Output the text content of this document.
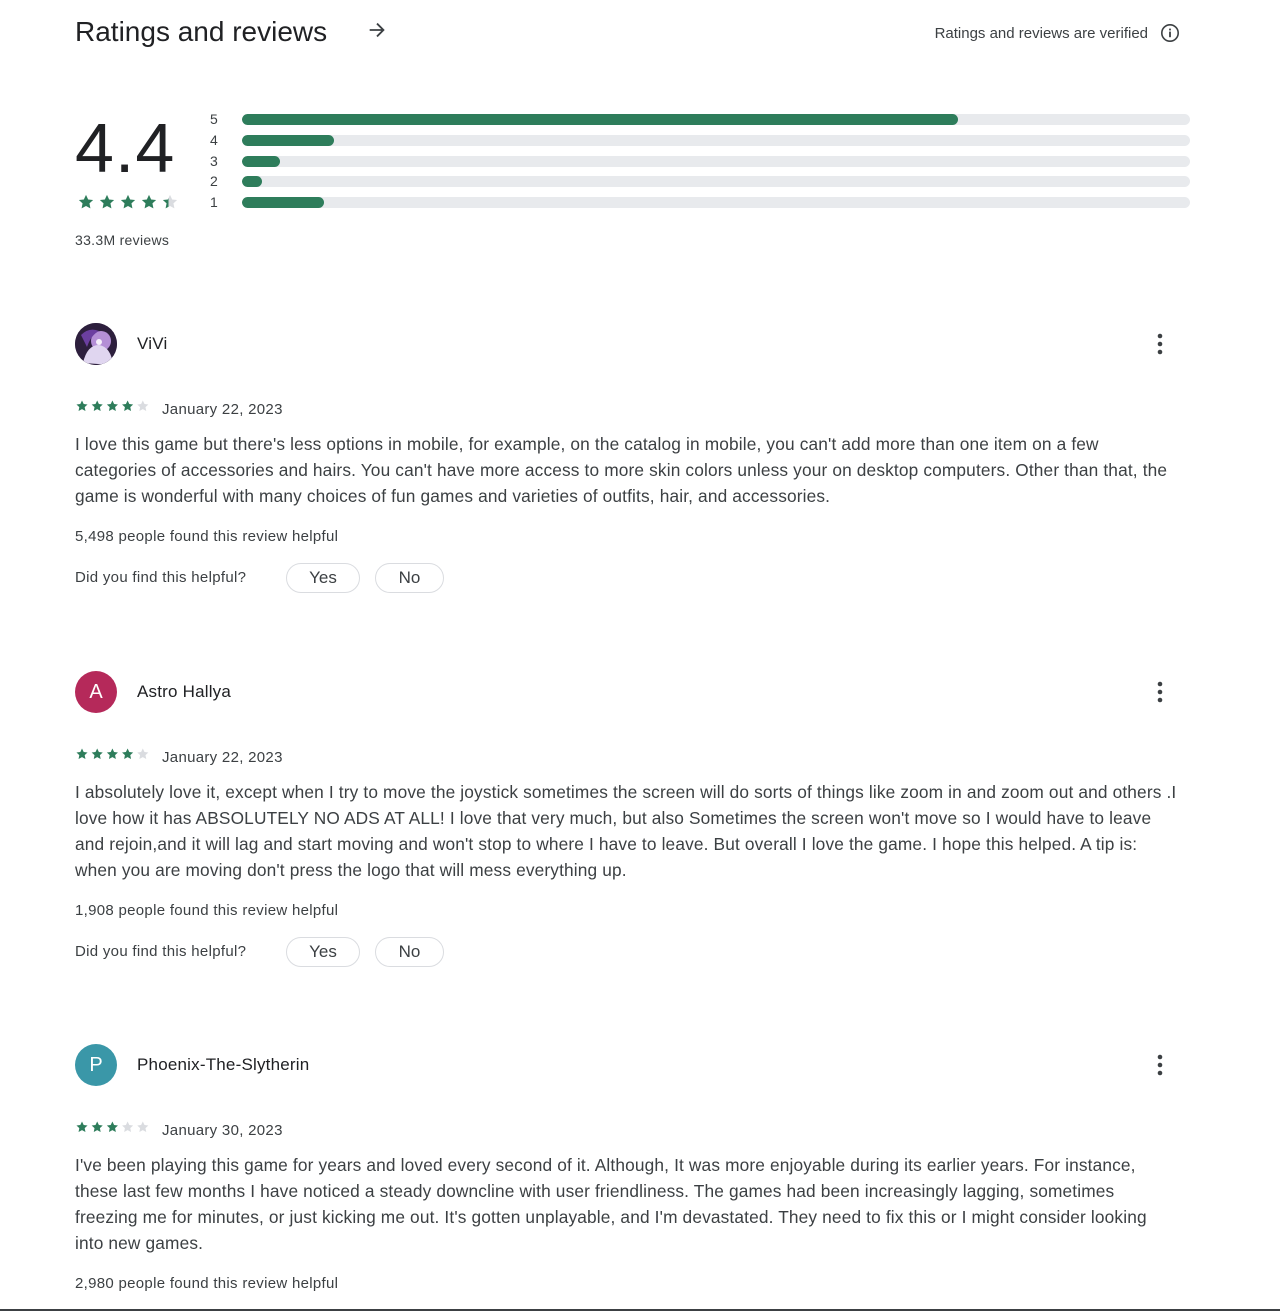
Ratings and reviews	Ratings and reviews are verified
4.4
33.3M reviews
5
4
3
2
1
ViVi
January 22, 2023
I love this game but there's less options in mobile, for example, on the catalog in mobile, you can't add more than one item on a few categories of accessories and hairs. You can't have more access to more skin colors unless your on desktop computers. Other than that, the game is wonderful with many choices of fun games and varieties of outfits, hair, and accessories.
5,498 people found this review helpful
Did you find this helpful?	Yes	No
A Astro Hallya
January 22, 2023
I absolutely love it, except when I try to move the joystick sometimes the screen will do sorts of things like zoom in and zoom out and others .I love how it has ABSOLUTELY NO ADS AT ALL! I love that very much, but also Sometimes the screen won't move so I would have to leave and rejoin,and it will lag and start moving and won't stop to where I have to leave. But overall I love the game. I hope this helped. A tip is: when you are moving don't press the logo that will mess everything up.
1,908 people found this review helpful
Did you find this helpful?	Yes	No
P Phoenix-The-Slytherin
January 30, 2023
I've been playing this game for years and loved every second of it. Although, It was more enjoyable during its earlier years. For instance, these last few months I have noticed a steady downcline with user friendliness. The games had been increasingly lagging, sometimes freezing me for minutes, or just kicking me out. It's gotten unplayable, and I'm devastated. They need to fix this or I might consider looking into new games.
2,980 people found this review helpful
